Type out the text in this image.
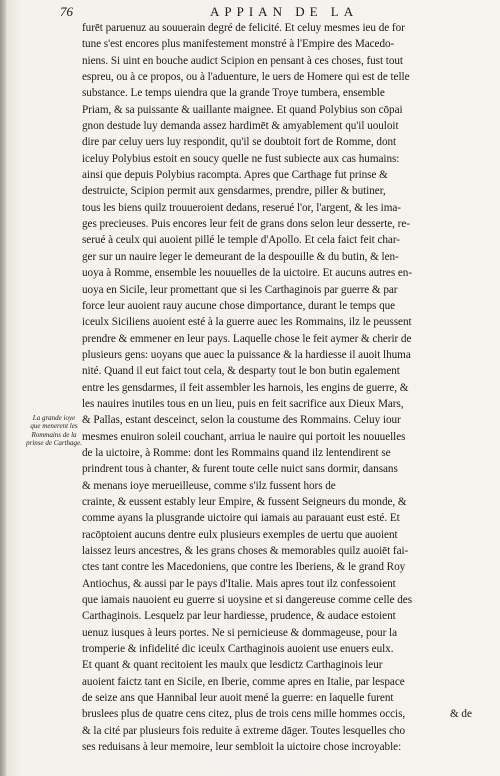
76	APPIAN DE LA
La grande ioye
que menerent les
Rommains de la
prinse de Carthage.
furēt paruenuz au souuerain degré de felicité. Et celuy mesmes ieu de for
tune s'est encores plus manifestement monstré à l'Empire des Macedo-
niens. Si uint en bouche audict Scipion en pensant à ces choses, fust tout
espreu, ou à ce propos, ou à l'aduenture, le uers de Homere qui est de telle
substance. Le temps uiendra que la grande Troye tumbera, ensemble
Priam, & sa puissante & uaillante maignee. Et quand Polybius son cōpai
gnon destude luy demanda assez hardimēt & amyablement qu'il uouloit
dire par celuy uers luy respondit, qu'il se doubtoit fort de Romme, dont
iceluy Polybius estoit en soucy quelle ne fust subiecte aux cas humains:
ainsi que depuis Polybius racompta. Apres que Carthage fut prinse &
destruicte, Scipion permit aux gensdarmes, prendre, piller & butiner,
tous les biens quilz trouueroient dedans, reserué l'or, l'argent, & les ima-
ges precieuses. Puis encores leur feit de grans dons selon leur desserte, re-
serué à ceulx qui auoient pillé le temple d'Apollo. Et cela faict feit char-
ger sur un nauire leger le demeurant de la despouille & du butin, & len-
uoya à Romme, ensemble les nouuelles de la uictoire. Et aucuns autres en-
uoya en Sicile, leur promettant que si les Carthaginois par guerre & par
force leur auoient rauy aucune chose dimportance, durant le temps que
iceulx Siciliens auoient esté à la guerre auec les Rommains, ilz le peussent
prendre & emmener en leur pays. Laquelle chose le feit aymer & cherir de
plusieurs gens: uoyans que auec la puissance & la hardiesse il auoit lhuma
nité. Quand il eut faict tout cela, & desparty tout le bon butin egalement
entre les gensdarmes, il feit assembler les harnois, les engins de guerre, &
les nauires inutiles tous en un lieu, puis en feit sacrifice aux Dieux Mars,
& Pallas, estant desceinct, selon la coustume des Rommains. Celuy iour
mesmes enuiron soleil couchant, arriua le nauire qui portoit les nouuelles
de la uictoire, à Romme: dont les Rommains quand ilz lentendirent se
prindrent tous à chanter, & furent toute celle nuict sans dormir, dansans
& menans ioye merueilleuse, comme s'ilz fussent hors de
crainte, & eussent estably leur Empire, & fussent Seigneurs du monde, &
comme ayans la plusgrande uictoire qui iamais au parauant eust esté. Et
racōptoient aucuns dentre eulx plusieurs exemples de uertu que auoient
laissez leurs ancestres, & les grans choses & memorables quilz auoiēt fai-
ctes tant contre les Macedoniens, que contre les Iberiens, & le grand Roy
Antiochus, & aussi par le pays d'Italie. Mais apres tout ilz confessoient
que iamais nauoient eu guerre si uoysine et si dangereuse comme celle des
Carthaginois. Lesquelz par leur hardiesse, prudence, & audace estoient
uenuz iusques à leurs portes. Ne si pernicieuse & dommageuse, pour la
tromperie & infidelité dic iceulx Carthaginois auoient use enuers eulx.
Et quant & quant recitoient les maulx que lesdictz Carthaginois leur
auoient faictz tant en Sicile, en Iberie, comme apres en Italie, par lespace
de seize ans que Hannibal leur auoit mené la guerre: en laquelle furent
bruslees plus de quatre cens citez, plus de trois cens mille hommes occis,
& la cité par plusieurs fois reduite à extreme dāger. Toutes lesquelles cho
ses reduisans à leur memoire, leur sembloit la uictoire chose incroyable:
& de
